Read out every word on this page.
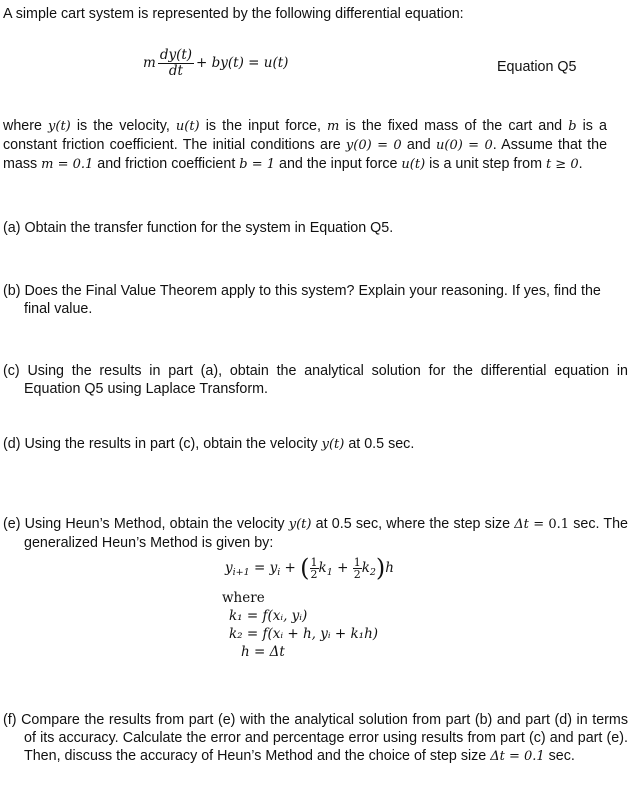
A simple cart system is represented by the following differential equation:
m $\frac{dy(t)}{dt} + by(t) = u(t)$	Equation Q5
where y(t) is the velocity, u(t) is the input force, m is the fixed mass of the cart and b is a constant friction coefficient. The initial conditions are y(0) = 0 and u(0) = 0. Assume that the mass m = 0.1 and friction coefficient b = 1 and the input force u(t) is a unit step from t ≥ 0.
(a) Obtain the transfer function for the system in Equation Q5.
(b) Does the Final Value Theorem apply to this system? Explain your reasoning. If yes, find the final value.
(c) Using the results in part (a), obtain the analytical solution for the differential equation in Equation Q5 using Laplace Transform.
(d) Using the results in part (c), obtain the velocity y(t) at 0.5 sec.
(e) Using Heun’s Method, obtain the velocity y(t) at 0.5 sec, where the step size Δt = 0.1 sec. The generalized Heun’s Method is given by:
$y_{i+1} = y_i$ + ( $\frac{1}{2} k_1 + \frac{1}{2} k_2)h$
where
k₁ = f(xᵢ, yᵢ)
k₂ = f(xᵢ + h, yᵢ + k₁h)
h = Δt
(f) Compare the results from part (e) with the analytical solution from part (b) and part (d) in terms of its accuracy. Calculate the error and percentage error using results from part (c) and part (e). Then, discuss the accuracy of Heun’s Method and the choice of step size Δt = 0.1 sec.
